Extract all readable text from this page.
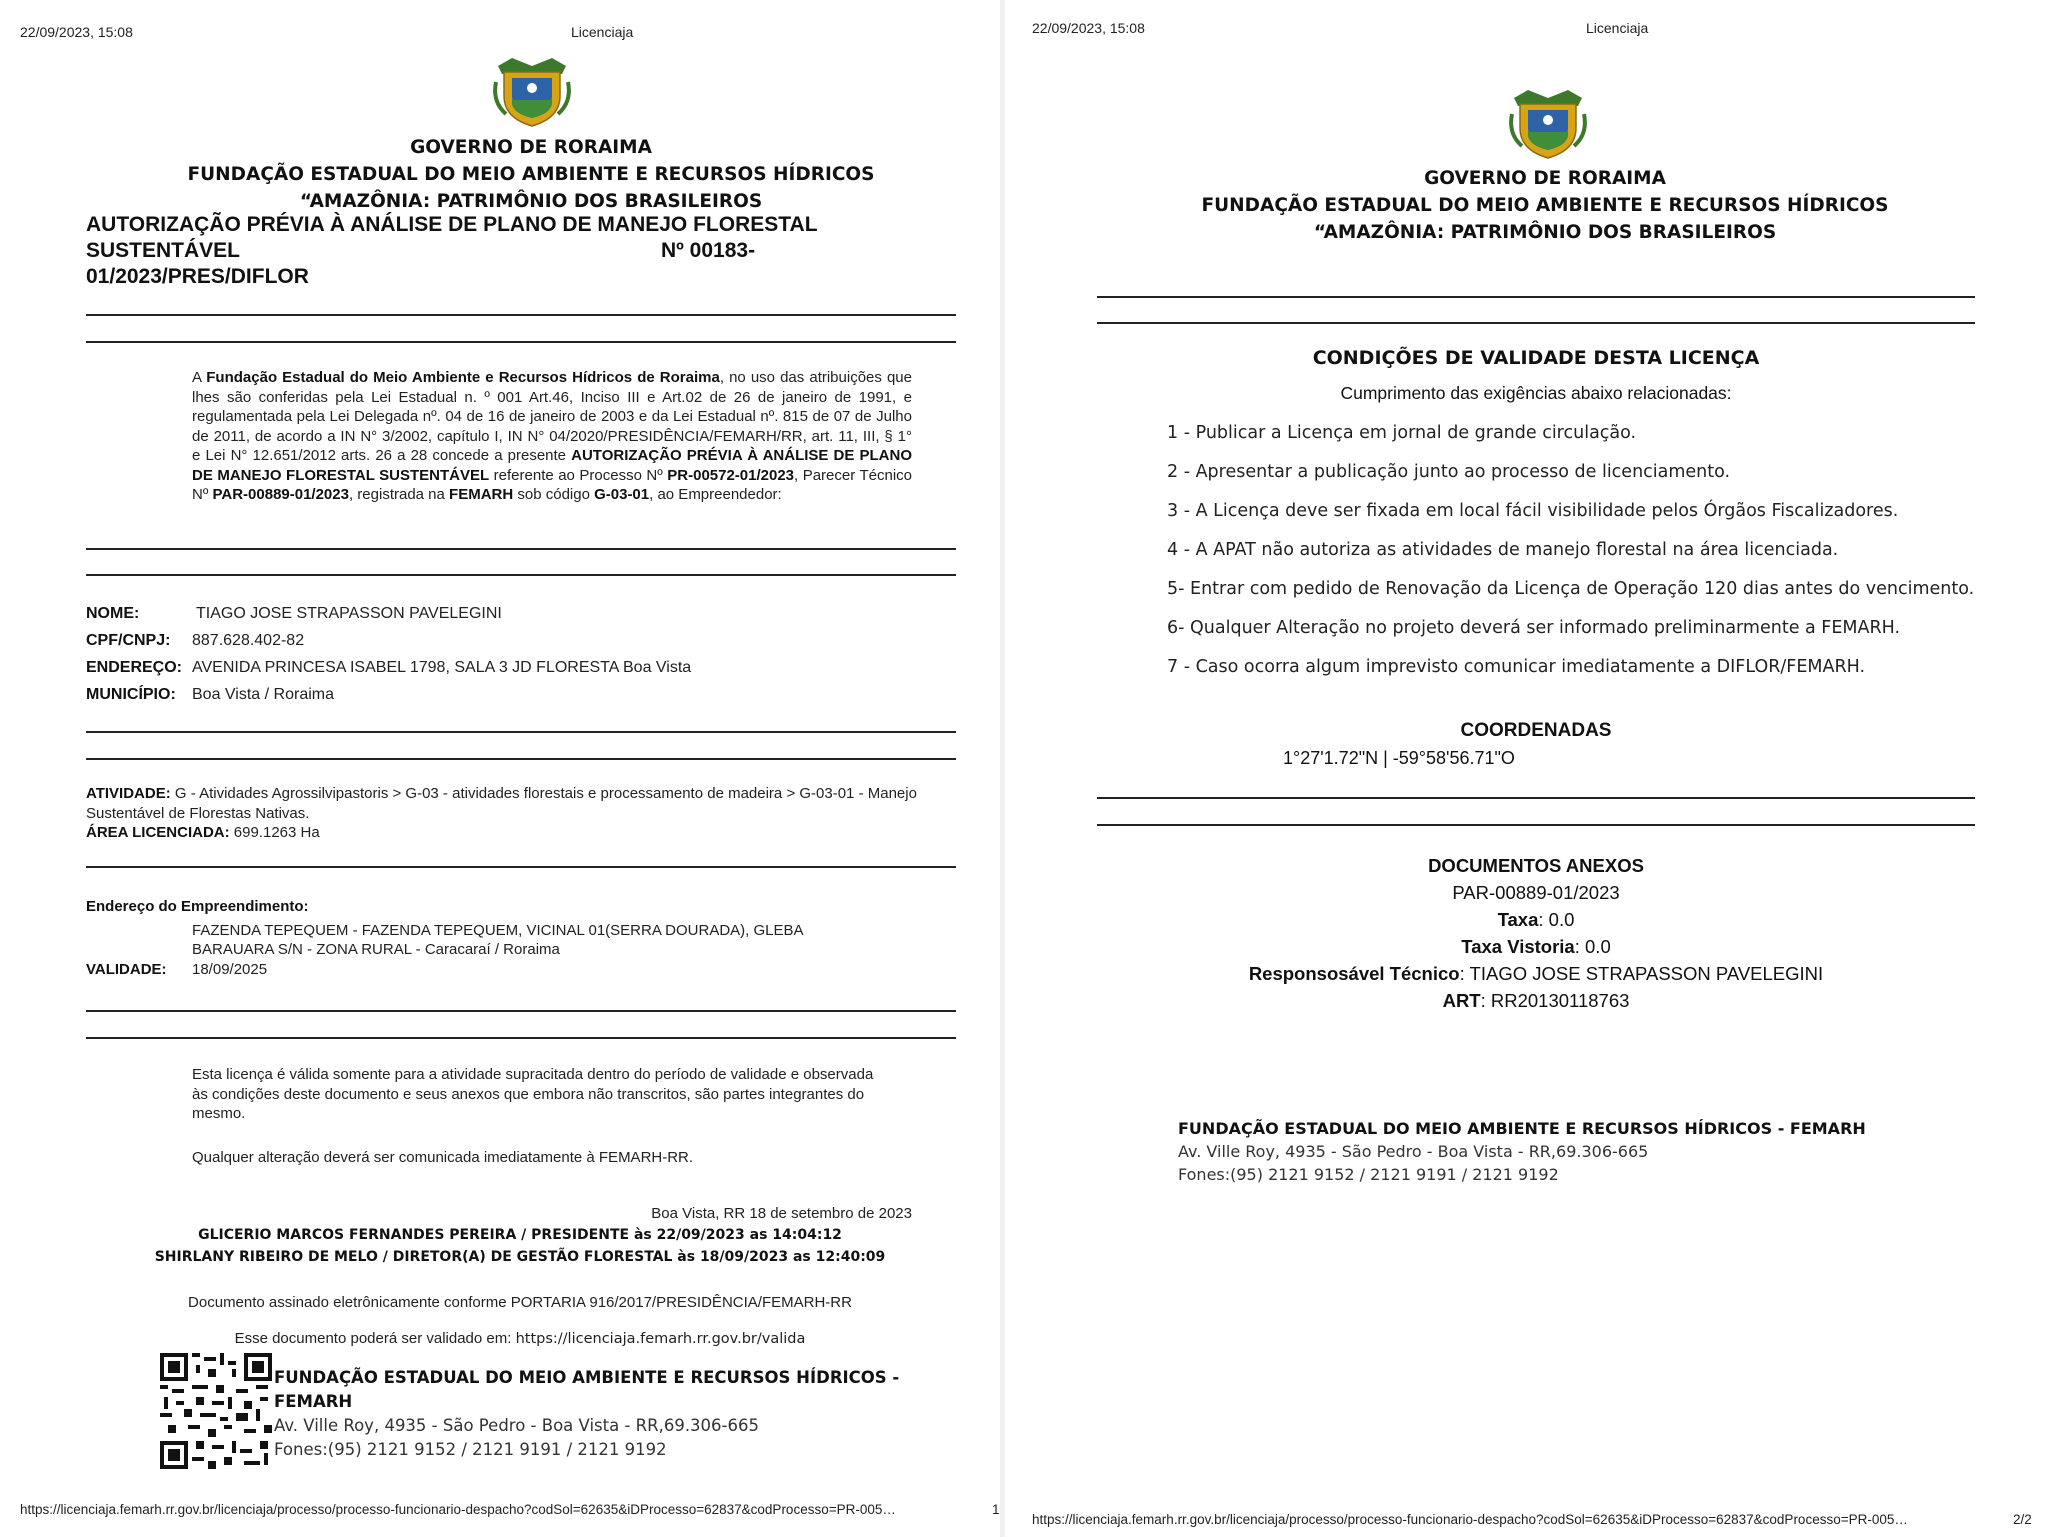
22/09/2023, 15:08	Licenciaja
GOVERNO DE RORAIMA
FUNDAÇÃO ESTADUAL DO MEIO AMBIENTE E RECURSOS HÍDRICOS
“AMAZÔNIA: PATRIMÔNIO DOS BRASILEIROS
AUTORIZAÇÃO PRÉVIA À ANÁLISE DE PLANO DE MANEJO FLORESTAL
SUSTENTÁVEL	Nº 00183-
01/2023/PRES/DIFLOR
A Fundação Estadual do Meio Ambiente e Recursos Hídricos de Roraima, no uso das atribuições que lhes são conferidas pela Lei Estadual n. º 001 Art.46, Inciso III e Art.02 de 26 de janeiro de 1991, e regulamentada pela Lei Delegada nº. 04 de 16 de janeiro de 2003 e da Lei Estadual nº. 815 de 07 de Julho de 2011, de acordo a IN N° 3/2002, capítulo I, IN N° 04/2020/PRESIDÊNCIA/FEMARH/RR, art. 11, III, § 1° e Lei N° 12.651/2012 arts. 26 a 28 concede a presente AUTORIZAÇÃO PRÉVIA À ANÁLISE DE PLANO DE MANEJO FLORESTAL SUSTENTÁVEL referente ao Processo Nº PR-00572-01/2023, Parecer Técnico Nº PAR-00889-01/2023, registrada na FEMARH sob código G-03-01, ao Empreendedor:
NOME:	TIAGO JOSE STRAPASSON PAVELEGINI
CPF/CNPJ: 887.628.402-82
ENDEREÇO: AVENIDA PRINCESA ISABEL 1798, SALA 3 JD FLORESTA Boa Vista
MUNICÍPIO: Boa Vista / Roraima
ATIVIDADE: G - Atividades Agrossilvipastoris > G-03 - atividades florestais e processamento de madeira > G-03-01 - Manejo Sustentável de Florestas Nativas.
ÁREA LICENCIADA: 699.1263 Ha
Endereço do Empreendimento:
FAZENDA TEPEQUEM - FAZENDA TEPEQUEM, VICINAL 01(SERRA DOURADA), GLEBA
BARAUARA S/N - ZONA RURAL - Caracaraí / Roraima
VALIDADE: 18/09/2025
Esta licença é válida somente para a atividade supracitada dentro do período de validade e observada às condições deste documento e seus anexos que embora não transcritos, são partes integrantes do mesmo.
Qualquer alteração deverá ser comunicada imediatamente à FEMARH-RR.
Boa Vista, RR 18 de setembro de 2023
GLICERIO MARCOS FERNANDES PEREIRA / PRESIDENTE às 22/09/2023 as 14:04:12
SHIRLANY RIBEIRO DE MELO / DIRETOR(A) DE GESTÃO FLORESTAL às 18/09/2023 as 12:40:09
Documento assinado eletrônicamente conforme PORTARIA 916/2017/PRESIDÊNCIA/FEMARH-RR
Esse documento poderá ser validado em: https://licenciaja.femarh.rr.gov.br/valida
FUNDAÇÃO ESTADUAL DO MEIO AMBIENTE E RECURSOS HÍDRICOS -
FEMARH
Av. Ville Roy, 4935 - São Pedro - Boa Vista - RR,69.306-665
Fones:(95) 2121 9152 / 2121 9191 / 2121 9192
https://licenciaja.femarh.rr.gov.br/licenciaja/processo/processo-funcionario-despacho?codSol=62635&iDProcesso=62837&codProcesso=PR-005…	1
22/09/2023, 15:08	Licenciaja
GOVERNO DE RORAIMA
FUNDAÇÃO ESTADUAL DO MEIO AMBIENTE E RECURSOS HÍDRICOS
“AMAZÔNIA: PATRIMÔNIO DOS BRASILEIROS
CONDIÇÕES DE VALIDADE DESTA LICENÇA
Cumprimento das exigências abaixo relacionadas:
1 - Publicar a Licença em jornal de grande circulação.
2 - Apresentar a publicação junto ao processo de licenciamento.
3 - A Licença deve ser fixada em local fácil visibilidade pelos Órgãos Fiscalizadores.
4 - A APAT não autoriza as atividades de manejo florestal na área licenciada.
5- Entrar com pedido de Renovação da Licença de Operação 120 dias antes do vencimento.
6- Qualquer Alteração no projeto deverá ser informado preliminarmente a FEMARH.
7 - Caso ocorra algum imprevisto comunicar imediatamente a DIFLOR/FEMARH.
COORDENADAS
1°27'1.72"N | -59°58'56.71"O
DOCUMENTOS ANEXOS
PAR-00889-01/2023
Taxa: 0.0
Taxa Vistoria: 0.0
Responsosável Técnico: TIAGO JOSE STRAPASSON PAVELEGINI
ART: RR20130118763
FUNDAÇÃO ESTADUAL DO MEIO AMBIENTE E RECURSOS HÍDRICOS - FEMARH
Av. Ville Roy, 4935 - São Pedro - Boa Vista - RR,69.306-665
Fones:(95) 2121 9152 / 2121 9191 / 2121 9192
https://licenciaja.femarh.rr.gov.br/licenciaja/processo/processo-funcionario-despacho?codSol=62635&iDProcesso=62837&codProcesso=PR-005…	2/2
